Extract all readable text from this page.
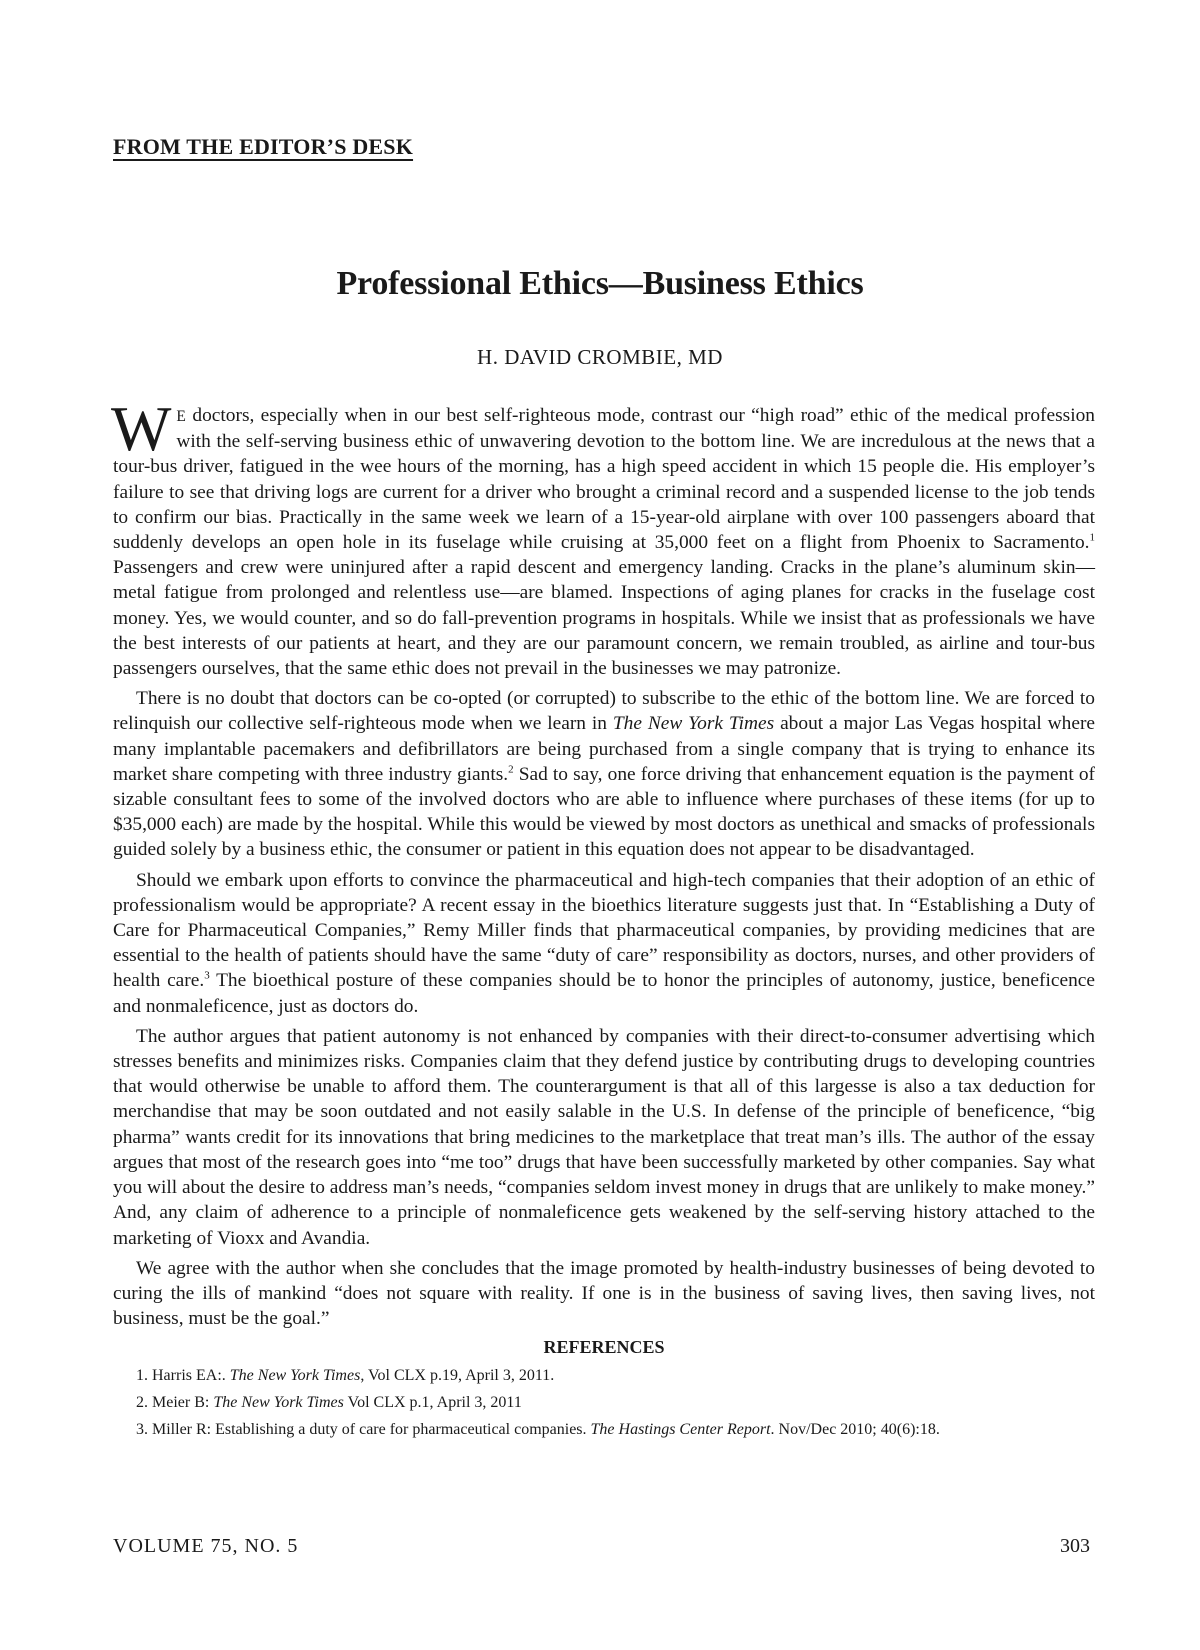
FROM THE EDITOR’S DESK
Professional Ethics—Business Ethics

H. DAVID CROMBIE, MD

W E doctors, especially when in our best self-righteous mode, contrast our “high road” ethic of the medical profession with the self-serving business ethic of unwavering devotion to the bottom line. We are incredulous at the news that a tour-bus driver, fatigued in the wee hours of the morning, has a high speed accident in which 15 people die. His employer’s failure to see that driving logs are current for a driver who brought a criminal record and a suspended license to the job tends to confirm our bias. Practically in the same week we learn of a 15-year-old airplane with over 100 passengers aboard that suddenly develops an open hole in its fuselage while cruising at 35,000 feet on a flight from Phoenix to Sacramento.$^1$ Passengers and crew were uninjured after a rapid descent and emergency landing. Cracks in the plane’s aluminum skin—metal fatigue from prolonged and relentless use—are blamed. Inspections of aging planes for cracks in the fuselage cost money. Yes, we would counter, and so do fall-prevention programs in hospitals. While we insist that as professionals we have the best interests of our patients at heart, and they are our paramount concern, we remain troubled, as airline and tour-bus passengers ourselves, that the same ethic does not prevail in the businesses we may patronize.

There is no doubt that doctors can be co-opted (or corrupted) to subscribe to the ethic of the bottom line. We are forced to relinquish our collective self-righteous mode when we learn in The New York Times about a major Las Vegas hospital where many implantable pacemakers and defibrillators are being purchased from a single company that is trying to enhance its market share competing with three industry giants.$^2$ Sad to say, one force driving that enhancement equation is the payment of sizable consultant fees to some of the involved doctors who are able to influence where purchases of these items (for up to $35,000 each) are made by the hospital. While this would be viewed by most doctors as unethical and smacks of professionals guided solely by a business ethic, the consumer or patient in this equation does not appear to be disadvantaged.

Should we embark upon efforts to convince the pharmaceutical and high-tech companies that their adoption of an ethic of professionalism would be appropriate? A recent essay in the bioethics literature suggests just that. In “Establishing a Duty of Care for Pharmaceutical Companies,” Remy Miller finds that pharmaceutical companies, by providing medicines that are essential to the health of patients should have the same “duty of care” responsibility as doctors, nurses, and other providers of health care.$^3$ The bioethical posture of these companies should be to honor the principles of autonomy, justice, beneficence and nonmaleficence, just as doctors do.

The author argues that patient autonomy is not enhanced by companies with their direct-to-consumer advertising which stresses benefits and minimizes risks. Companies claim that they defend justice by contributing drugs to developing countries that would otherwise be unable to afford them. The counterargument is that all of this largesse is also a tax deduction for merchandise that may be soon outdated and not easily salable in the U.S. In defense of the principle of beneficence, “big pharma” wants credit for its innovations that bring medicines to the marketplace that treat man’s ills. The author of the essay argues that most of the research goes into “me too” drugs that have been successfully marketed by other companies. Say what you will about the desire to address man’s needs, “companies seldom invest money in drugs that are unlikely to make money.” And, any claim of adherence to a principle of nonmaleficence gets weakened by the self-serving history attached to the marketing of Vioxx and Avandia.

We agree with the author when she concludes that the image promoted by health-industry businesses of being devoted to curing the ills of mankind “does not square with reality. If one is in the business of saving lives, then saving lives, not business, must be the goal.”

REFERENCES

1. Harris EA:. The New York Times, Vol CLX p.19, April 3, 2011.

2. Meier B: The New York Times Vol CLX p.1, April 3, 2011

3. Miller R: Establishing a duty of care for pharmaceutical companies. The Hastings Center Report. Nov/Dec 2010; 40(6):18.

VOLUME 75, NO. 5	303
